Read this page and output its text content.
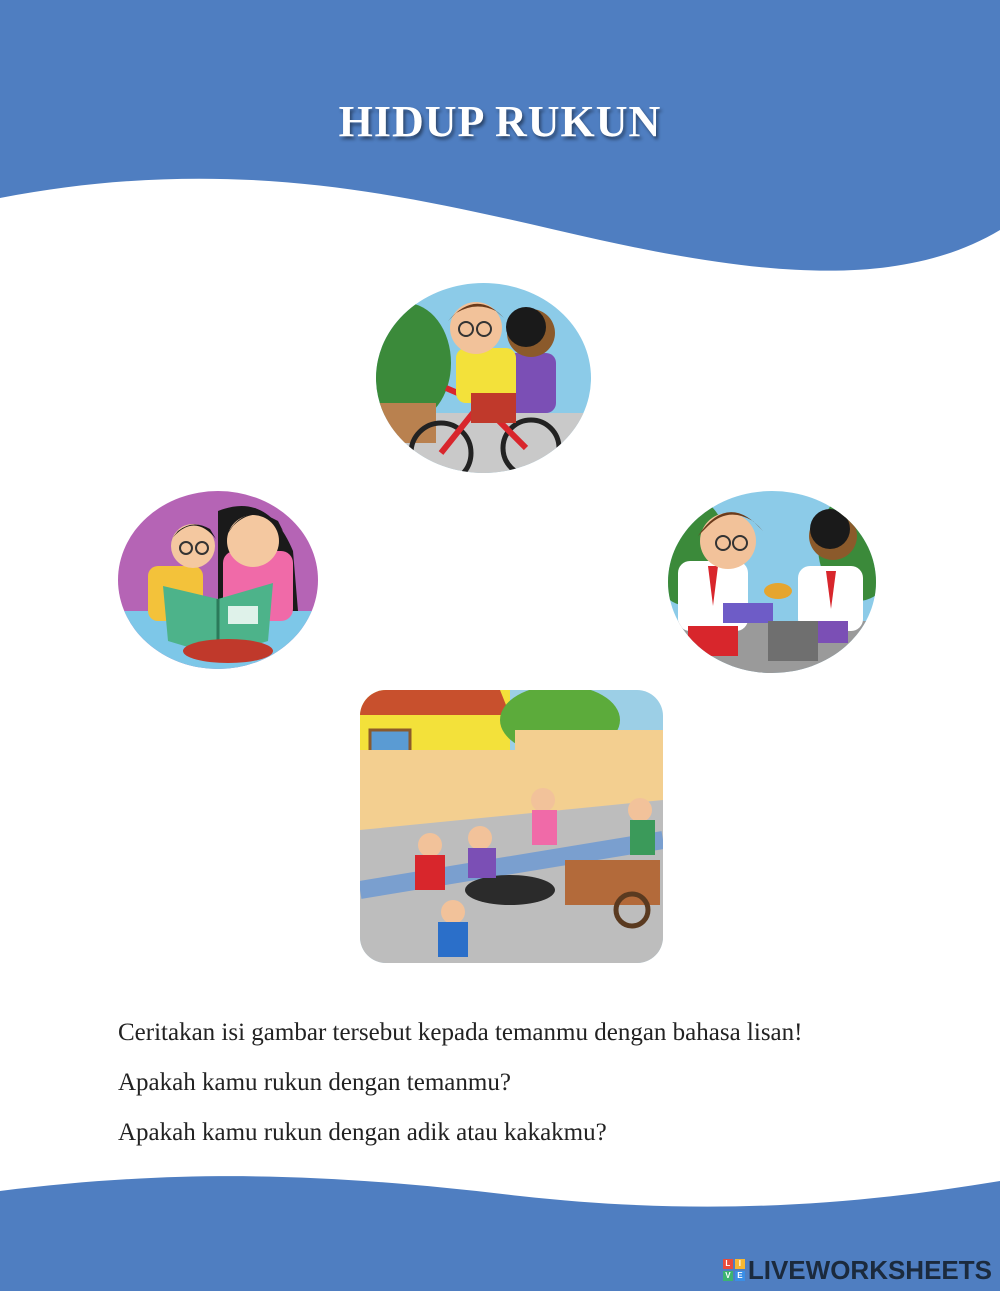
HIDUP RUKUN

Ceritakan isi gambar tersebut kepada temanmu dengan bahasa lisan!

Apakah kamu rukun dengan temanmu?

Apakah kamu rukun dengan adik atau kakakmu?

L	I
V E LIVEWORKSHEETS
